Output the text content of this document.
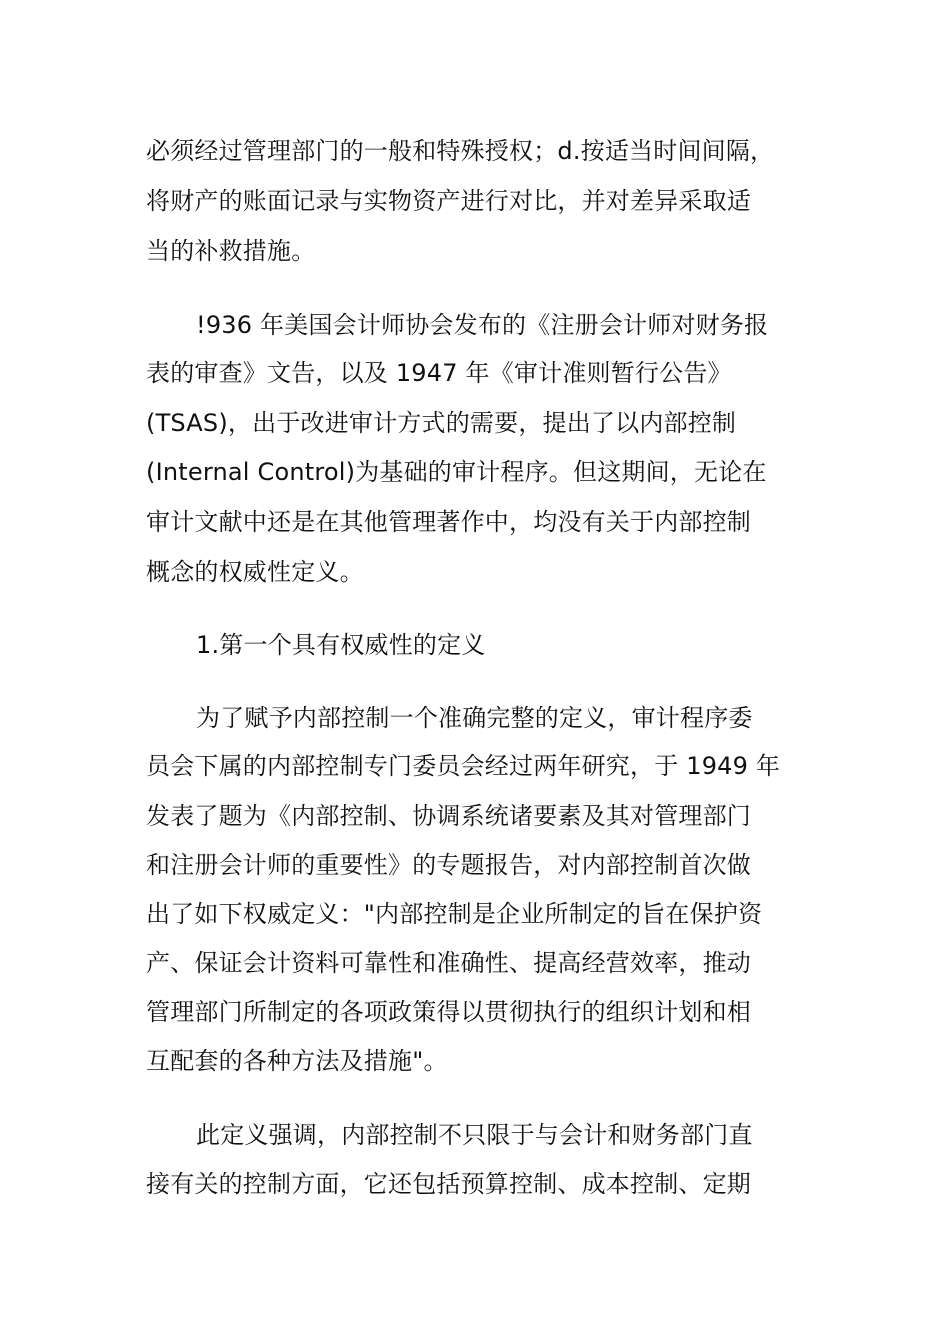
必须经过管理部门的一般和特殊授权；d.按适当时间间隔，
将财产的账面记录与实物资产进行对比，并对差异采取适
当的补救措施。
!936 年美国会计师协会发布的《注册会计师对财务报
表的审查》文告，以及 1947 年《审计准则暂行公告》
(TSAS)，出于改进审计方式的需要，提出了以内部控制
(Internal Control)为基础的审计程序。但这期间，无论在
审计文献中还是在其他管理著作中，均没有关于内部控制
概念的权威性定义。
1.第一个具有权威性的定义
为了赋予内部控制一个准确完整的定义，审计程序委
员会下属的内部控制专门委员会经过两年研究，于 1949 年
发表了题为《内部控制、协调系统诸要素及其对管理部门
和注册会计师的重要性》的专题报告，对内部控制首次做
出了如下权威定义："内部控制是企业所制定的旨在保护资
产、保证会计资料可靠性和准确性、提高经营效率，推动
管理部门所制定的各项政策得以贯彻执行的组织计划和相
互配套的各种方法及措施"。
此定义强调，内部控制不只限于与会计和财务部门直
接有关的控制方面，它还包括预算控制、成本控制、定期
